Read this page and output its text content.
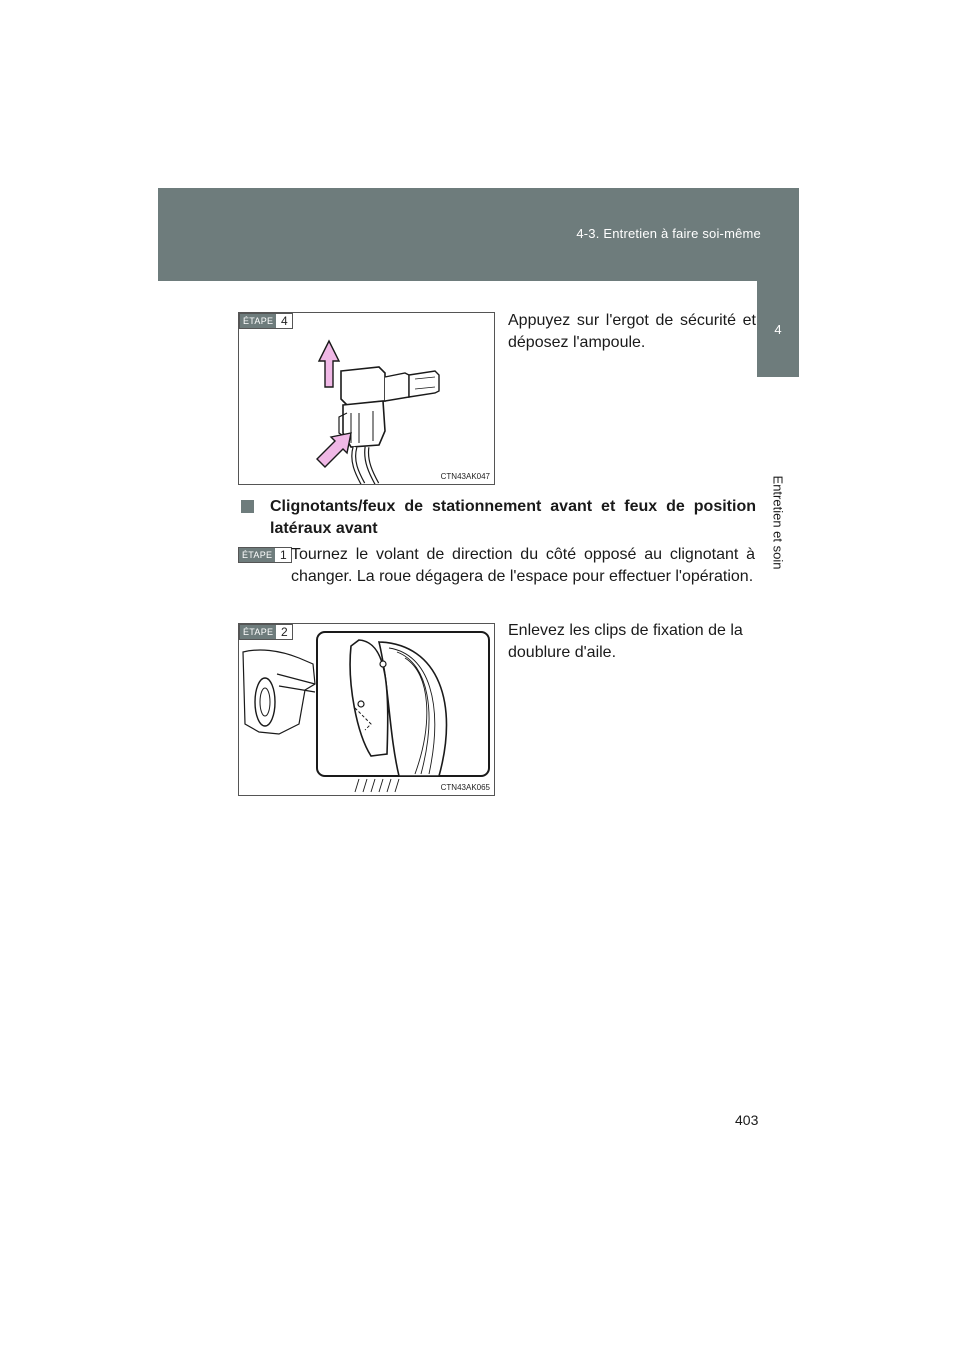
4-3. Entretien à faire soi-même
4
Entretien et soin
ÉTAPE 4
CTN43AK047
Appuyez sur l'ergot de sécurité et déposez l'ampoule.
Clignotants/feux de stationnement avant et feux de position latéraux avant
ÉTAPE 1 Tournez le volant de direction du côté opposé au clignotant à changer. La roue dégagera de l'espace pour effectuer l'opération.
ÉTAPE 2
CTN43AK065
Enlevez les clips de fixation de la doublure d'aile.
403
